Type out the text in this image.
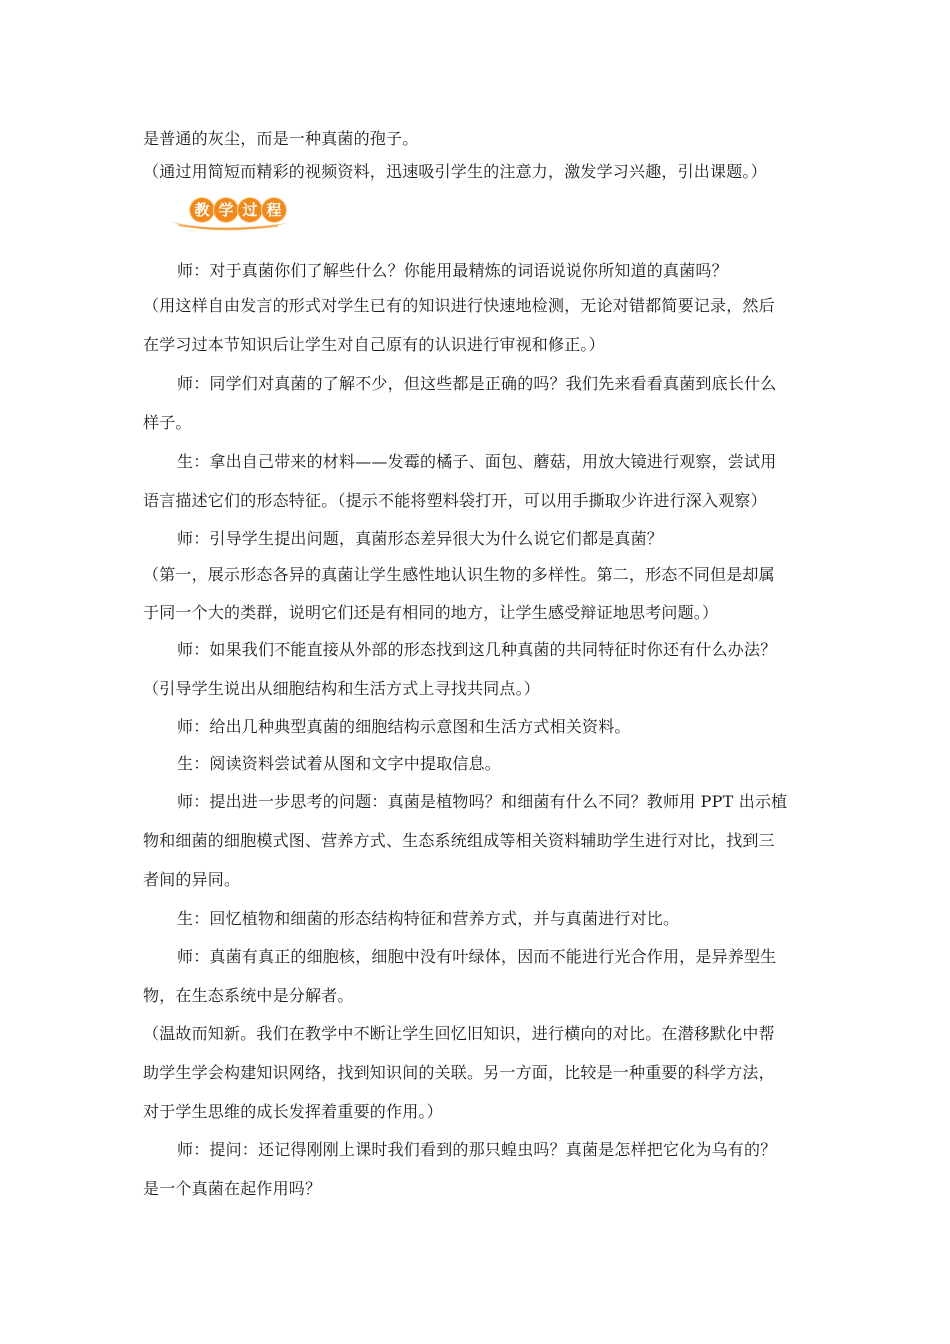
是普通的灰尘，而是一种真菌的孢子。
（通过用简短而精彩的视频资料，迅速吸引学生的注意力，激发学习兴趣，引出课题。）
教 学 过 程
师：对于真菌你们了解些什么？你能用最精炼的词语说说你所知道的真菌吗？
（用这样自由发言的形式对学生已有的知识进行快速地检测，无论对错都简要记录，然后
在学习过本节知识后让学生对自己原有的认识进行审视和修正。）
师：同学们对真菌的了解不少，但这些都是正确的吗？我们先来看看真菌到底长什么
样子。
生：拿出自己带来的材料——发霉的橘子、面包、蘑菇，用放大镜进行观察，尝试用
语言描述它们的形态特征。（提示不能将塑料袋打开，可以用手撕取少许进行深入观察）
师：引导学生提出问题，真菌形态差异很大为什么说它们都是真菌？
（第一，展示形态各异的真菌让学生感性地认识生物的多样性。第二，形态不同但是却属
于同一个大的类群，说明它们还是有相同的地方，让学生感受辩证地思考问题。）
师：如果我们不能直接从外部的形态找到这几种真菌的共同特征时你还有什么办法？
（引导学生说出从细胞结构和生活方式上寻找共同点。）
师：给出几种典型真菌的细胞结构示意图和生活方式相关资料。
生：阅读资料尝试着从图和文字中提取信息。
师：提出进一步思考的问题：真菌是植物吗？和细菌有什么不同？教师用 PPT 出示植
物和细菌的细胞模式图、营养方式、生态系统组成等相关资料辅助学生进行对比，找到三
者间的异同。
生：回忆植物和细菌的形态结构特征和营养方式，并与真菌进行对比。
师：真菌有真正的细胞核，细胞中没有叶绿体，因而不能进行光合作用，是异养型生
物，在生态系统中是分解者。
（温故而知新。我们在教学中不断让学生回忆旧知识，进行横向的对比。在潜移默化中帮
助学生学会构建知识网络，找到知识间的关联。另一方面，比较是一种重要的科学方法，
对于学生思维的成长发挥着重要的作用。）
师：提问：还记得刚刚上课时我们看到的那只蝗虫吗？真菌是怎样把它化为乌有的？
是一个真菌在起作用吗？
